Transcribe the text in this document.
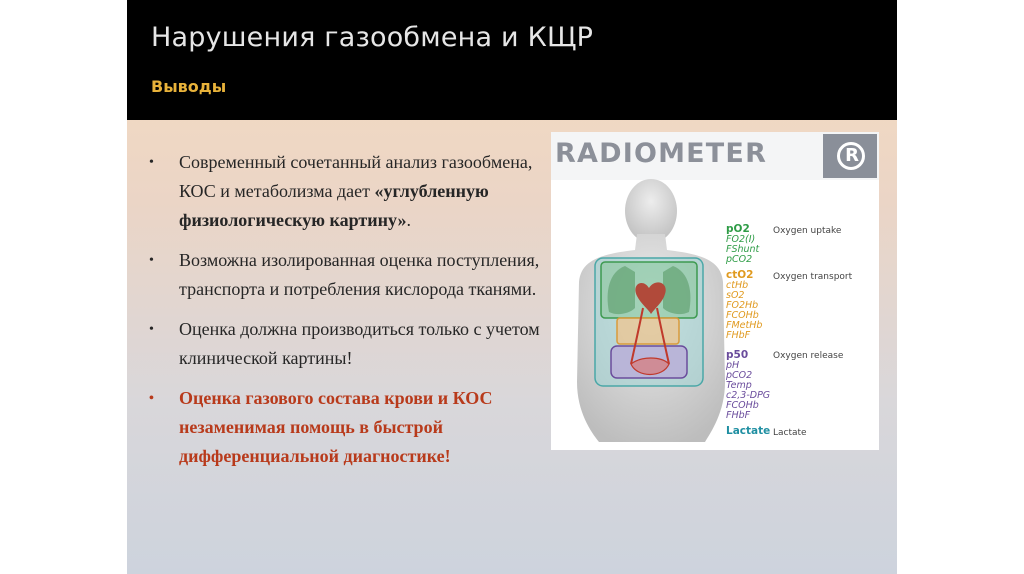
Нарушения газообмена и КЩР
Выводы
• Современный сочетанный анализ газообмена, КОС и метаболизма дает «углубленную физиологическую картину».
• Возможна изолированная оценка поступления, транспорта и потребления кислорода тканями.
• Оценка должна производиться только с учетом клинической картины!
• Оценка газового состава крови и КОС незаменимая помощь в быстрой дифференциальной диагностике!
RADIOMETER	R
pO2
FO2(I)
FShunt
pCO2
Oxygen uptake
ctO2
ctHb
sO2
FO2Hb
FCOHb
FMetHb
FHbF
Oxygen transport
p50
pH
pCO2
Temp
c2,3-DPG
FCOHb
FHbF
Oxygen release
Lactate Lactate
